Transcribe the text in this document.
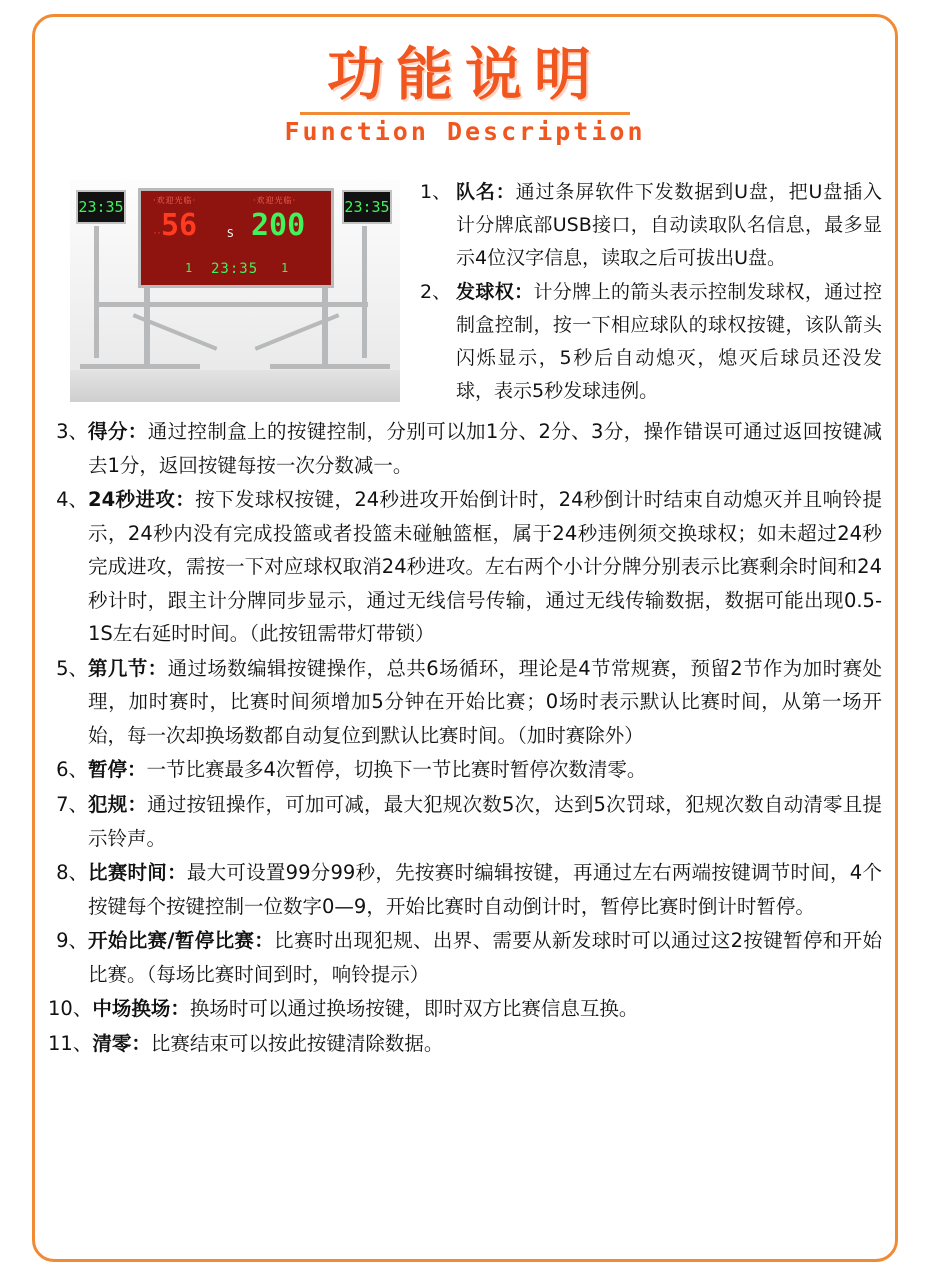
功能说明
Function Description
23:35	23:35
·欢迎光临·	·欢迎光临·
·· 56	S 200
1 23:35 1
1、 队名：通过条屏软件下发数据到U盘，把U盘插入计分牌底部USB接口，自动读取队名信息，最多显示4位汉字信息，读取之后可拔出U盘。
2、 发球权：计分牌上的箭头表示控制发球权，通过控制盒控制，按一下相应球队的球权按键，该队箭头闪烁显示，5秒后自动熄灭，熄灭后球员还没发球，表示5秒发球违例。
3、 得分：通过控制盒上的按键控制，分别可以加1分、2分、3分，操作错误可通过返回按键减去1分，返回按键每按一次分数减一。
4、 24秒进攻：按下发球权按键，24秒进攻开始倒计时，24秒倒计时结束自动熄灭并且响铃提示，24秒内没有完成投篮或者投篮未碰触篮框，属于24秒违例须交换球权；如未超过24秒完成进攻，需按一下对应球权取消24秒进攻。左右两个小计分牌分别表示比赛剩余时间和24秒计时，跟主计分牌同步显示，通过无线信号传输，通过无线传输数据，数据可能出现0.5-1S左右延时时间。（此按钮需带灯带锁）
5、 第几节：通过场数编辑按键操作，总共6场循环，理论是4节常规赛，预留2节作为加时赛处理，加时赛时，比赛时间须增加5分钟在开始比赛；0场时表示默认比赛时间，从第一场开始，每一次却换场数都自动复位到默认比赛时间。（加时赛除外）
6、 暂停：一节比赛最多4次暂停，切换下一节比赛时暂停次数清零。
7、 犯规：通过按钮操作，可加可减，最大犯规次数5次，达到5次罚球，犯规次数自动清零且提示铃声。
8、 比赛时间：最大可设置99分99秒，先按赛时编辑按键，再通过左右两端按键调节时间，4个按键每个按键控制一位数字0—9，开始比赛时自动倒计时，暂停比赛时倒计时暂停。
9、 开始比赛/暂停比赛：比赛时出现犯规、出界、需要从新发球时可以通过这2按键暂停和开始比赛。（每场比赛时间到时，响铃提示）
10、 中场换场：换场时可以通过换场按键，即时双方比赛信息互换。
11、 清零：比赛结束可以按此按键清除数据。
